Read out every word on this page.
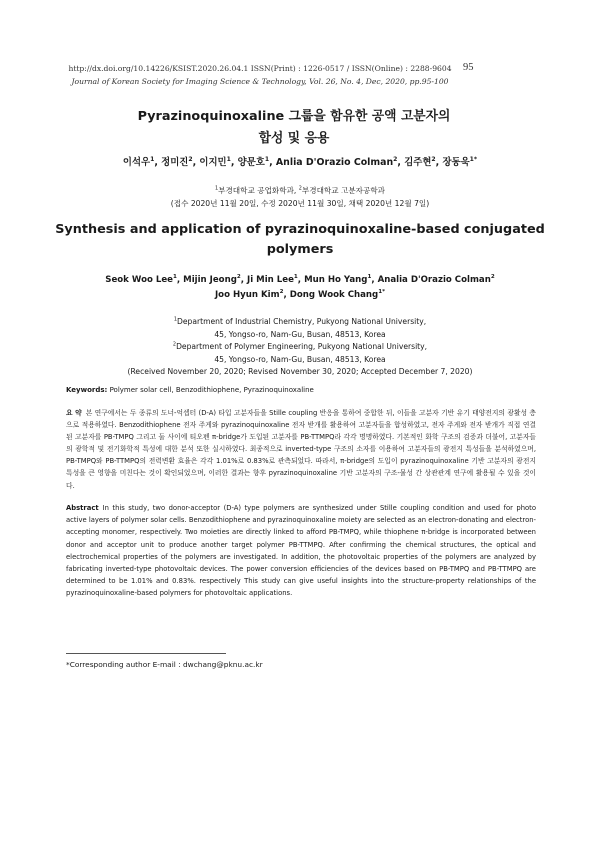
http://dx.doi.org/10.14226/KSIST.2020.26.04.1 ISSN(Print) : 1226-0517 / ISSN(Online) : 2288-9604
Journal of Korean Society for Imaging Science & Technology, Vol. 26, No. 4, Dec, 2020, pp.95-100
95
Pyrazinoquinoxaline 그룹을 함유한 공액 고분자의
합성 및 응용
이석우$^1$, 정미진$^2$, 이지민$^1$, 양문호$^1$, Anlia D'Orazio Colman$^2$, 김주현$^2$, 장동욱$^{1*}$
$^1$부경대학교 공업화학과, $^2$부경대학교 고분자공학과
(접수 2020년 11월 20일, 수정 2020년 11월 30일, 채택 2020년 12월 7일)
Synthesis and application of pyrazinoquinoxaline-based conjugated
polymers
Seok Woo Lee$^1$, Mijin Jeong$^2$, Ji Min Lee$^1$, Mun Ho Yang$^1$, Analia D'Orazio Colman$^2$
Joo Hyun Kim$^2$, Dong Wook Chang$^{1*}$
$^1$Department of Industrial Chemistry, Pukyong National University,
45, Yongso-ro, Nam-Gu, Busan, 48513, Korea
$^2$Department of Polymer Engineering, Pukyong National University,
45, Yongso-ro, Nam-Gu, Busan, 48513, Korea
(Received November 20, 2020; Revised November 30, 2020; Accepted December 7, 2020)
Keywords: Polymer solar cell, Benzodithiophene, Pyrazinoquinoxaline
요 약 본 연구에서는 두 종류의 도너-억셉터 (D-A) 타입 고분자들을 Stille coupling 반응을 통하여 중합한 뒤, 이들을 고분자 기반 유기 태양전지의 광활성 층으로 적용하였다. Benzodithiophene 전자 주게와 pyrazinoquinoxaline 전자 받개를 활용하여 고분자들을 합성하였고, 전자 주게와 전자 받개가 직접 연결된 고분자를 PB-TMPQ 그리고 둘 사이에 티오펜 π-bridge가 도입된 고분자를 PB-TTMPQ라 각각 명명하였다. 기본적인 화학 구조의 검증과 더불어, 고분자들의 광학적 및 전기화학적 특성에 대한 분석 또한 실시하였다. 최종적으로 inverted-type 구조의 소자를 이용하여 고분자들의 광전지 특성들을 분석하였으며, PB-TMPQ와 PB-TTMPQ의 전력변환 효율은 각각 1.01%로 0.83%로 관측되었다. 따라서, π-bridge의 도입이 pyrazinoquinoxaline 기반 고분자의 광전지 특성을 큰 영향을 미친다는 것이 확인되었으며, 이러한 결과는 향후 pyrazinoquinoxaline 기반 고분자의 구조-물성 간 상관관계 연구에 활용될 수 있을 것이다.
Abstract In this study, two donor-acceptor (D-A) type polymers are synthesized under Stille coupling condition and used for photo active layers of polymer solar cells. Benzodithiophene and pyrazinoquinoxaline moiety are selected as an electron-donating and electron-accepting monomer, respectively. Two moieties are directly linked to afford PB-TMPQ, while thiophene π-bridge is incorporated between donor and acceptor unit to produce another target polymer PB-TTMPQ. After confirming the chemical structures, the optical and electrochemical properties of the polymers are investigated. In addition, the photovoltaic properties of the polymers are analyzed by fabricating inverted-type photovoltaic devices. The power conversion efficiencies of the devices based on PB-TMPQ and PB-TTMPQ are determined to be 1.01% and 0.83%. respectively This study can give useful insights into the structure-property relationships of the pyrazinoquinoxaline-based polymers for photovoltaic applications.
*Corresponding author E-mail : dwchang@pknu.ac.kr
